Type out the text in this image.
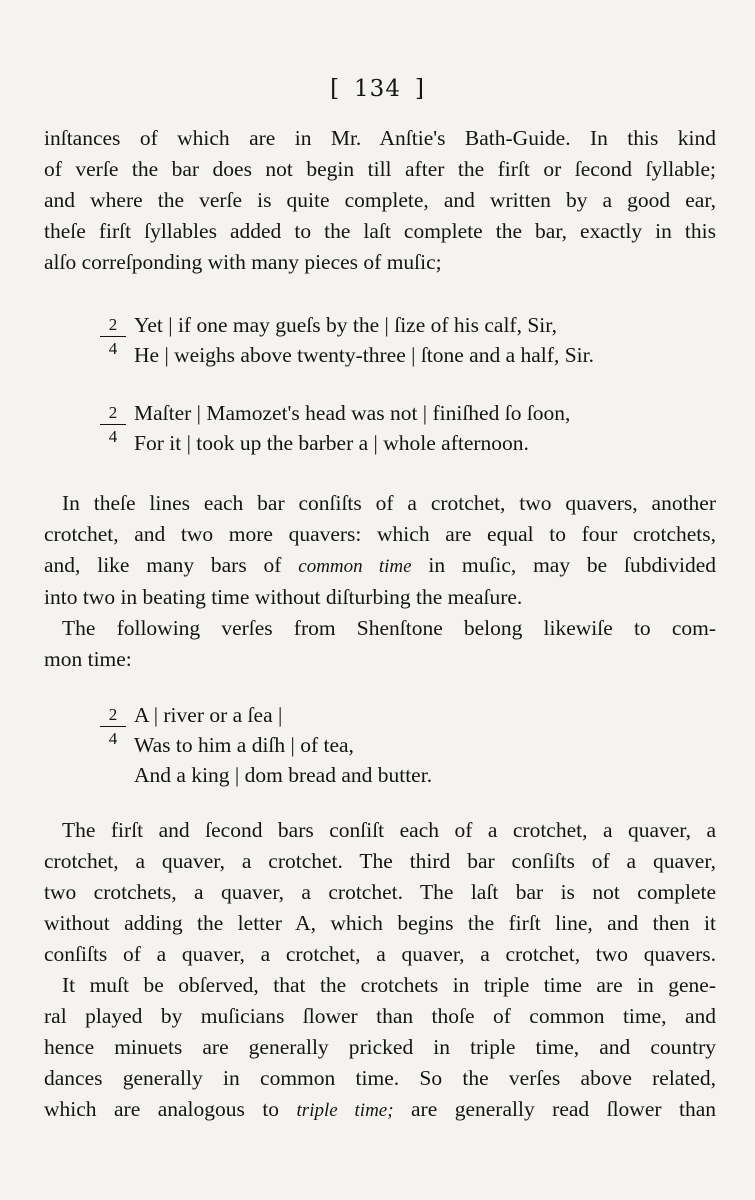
[ 134 ]
inſtances of which are in Mr. Anſtie's Bath-Guide. In this kind
of verſe the bar does not begin till after the firſt or ſecond ſyllable;
and where the verſe is quite complete, and written by a good ear,
theſe firſt ſyllables added to the laſt complete the bar, exactly in this
alſo correſponding with many pieces of muſic;
2 Yet | if one may gueſs by the | ſize of his calf, Sir,
4 He | weighs above twenty-three | ſtone and a half, Sir.
2 Maſter | Mamozet's head was not | finiſhed ſo ſoon,
4 For it | took up the barber a | whole afternoon.
In theſe lines each bar conſiſts of a crotchet, two quavers, another
crotchet, and two more quavers: which are equal to four crotchets,
and, like many bars of common time in muſic, may be ſubdivided
into two in beating time without diſturbing the meaſure.
The following verſes from Shenſtone belong likewiſe to com-
mon time:
2 A | river or a ſea |
4 Was to him a diſh | of tea,
And a king | dom bread and butter.
The firſt and ſecond bars conſiſt each of a crotchet, a quaver, a
crotchet, a quaver, a crotchet. The third bar conſiſts of a quaver,
two crotchets, a quaver, a crotchet. The laſt bar is not complete
without adding the letter A, which begins the firſt line, and then it
conſiſts of a quaver, a crotchet, a quaver, a crotchet, two quavers.
It muſt be obſerved, that the crotchets in triple time are in gene-
ral played by muſicians ſlower than thoſe of common time, and
hence minuets are generally pricked in triple time, and country
dances generally in common time. So the verſes above related,
which are analogous to triple time; are generally read ſlower than
